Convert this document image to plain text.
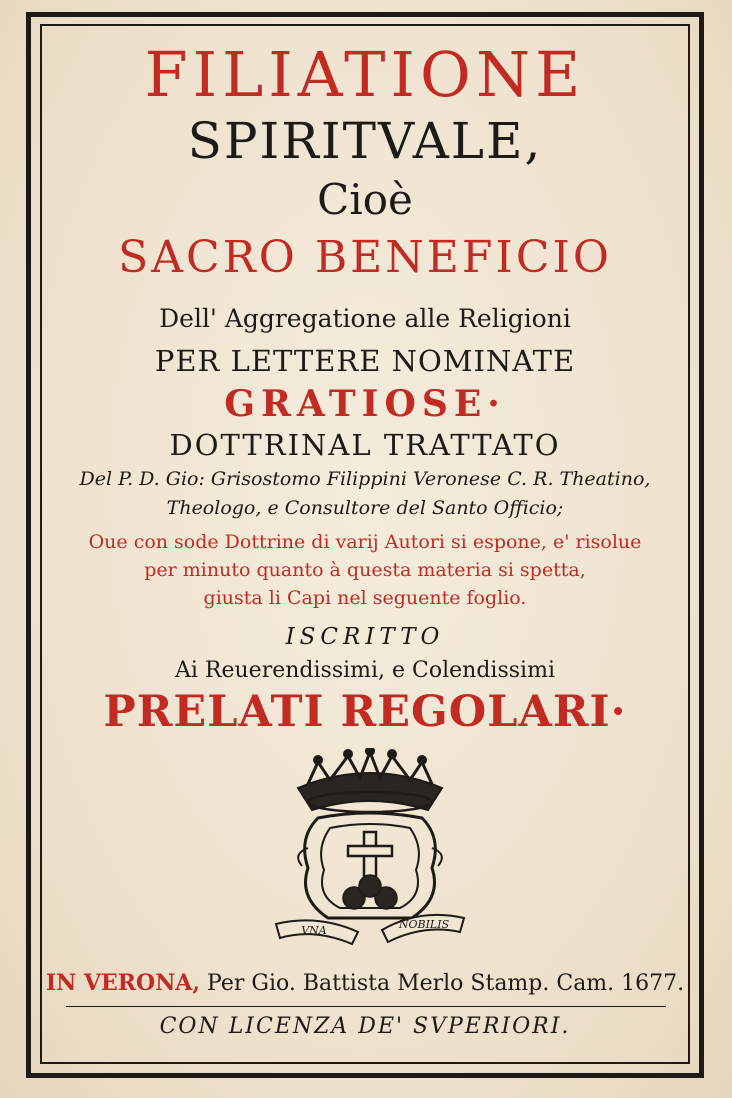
FILIATIONE
SPIRITVALE,
Cioè
SACRO BENEFICIO
Dell' Aggregatione alle Religioni
PER LETTERE NOMINATE
GRATIOSE·
DOTTRINAL TRATTATO
Del P. D. Gio: Grisostomo Filippini Veronese C. R. Theatino,
Theologo, e Consultore del Santo Officio;
Oue con sode Dottrine di varij Autori si espone, e' risolue
per minuto quanto à questa materia si spetta,
giusta li Capi nel seguente foglio.
ISCRITTO
Ai Reuerendissimi, e Colendissimi
PRELATI REGOLARI·
VNA	NOBILIS
IN VERONA, Per Gio. Battista Merlo Stamp. Cam. 1677.
CON LICENZA DE' SVPERIORI.
